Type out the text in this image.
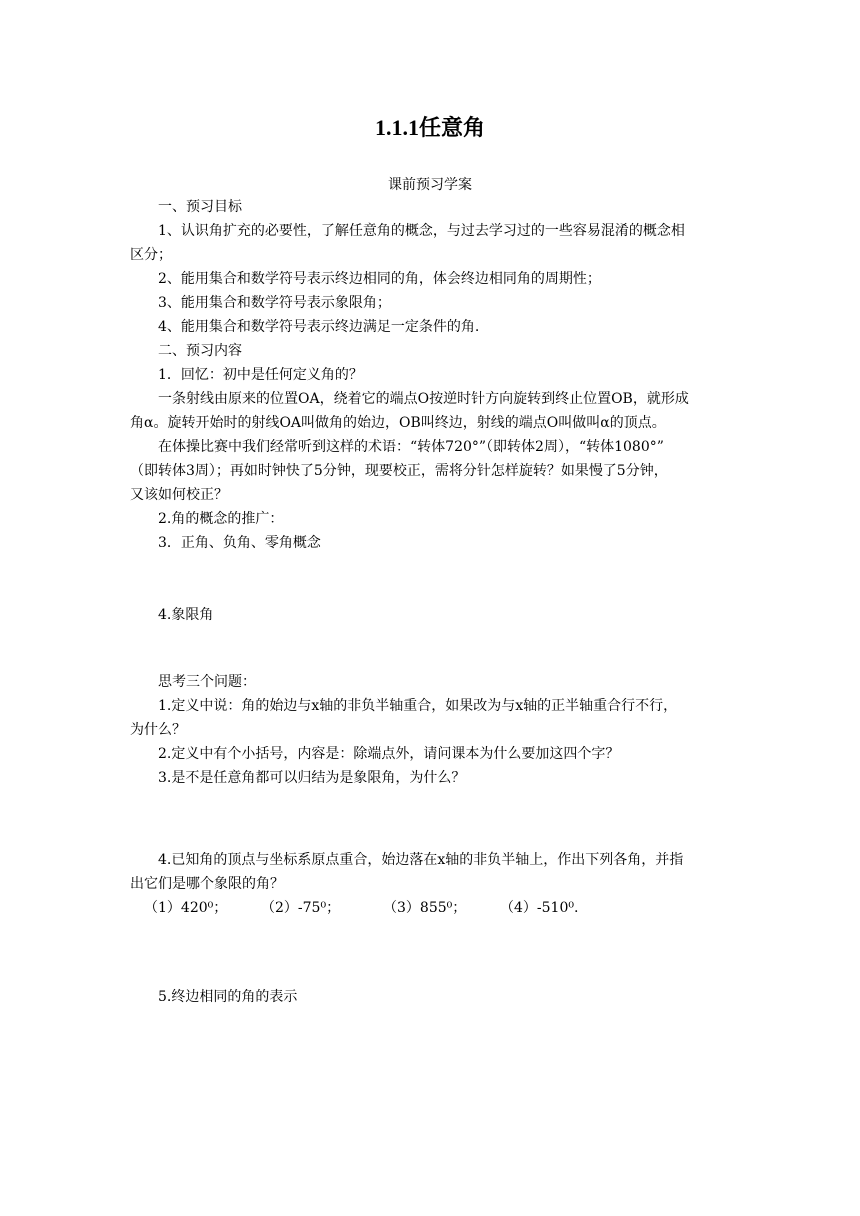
1.1.1任意角
课前预习学案
一、预习目标
1、认识角扩充的必要性，了解任意角的概念，与过去学习过的一些容易混淆的概念相
区分；
2、能用集合和数学符号表示终边相同的角，体会终边相同角的周期性；
3、能用集合和数学符号表示象限角；
4、能用集合和数学符号表示终边满足一定条件的角.
二、预习内容
1．回忆：初中是任何定义角的？
一条射线由原来的位置OA，绕着它的端点O按逆时针方向旋转到终止位置OB，就形成
角α。旋转开始时的射线OA叫做角的始边，OB叫终边，射线的端点O叫做叫α的顶点。
在体操比赛中我们经常听到这样的术语：“转体720°”（即转体2周），“转体1080°”
（即转体3周）；再如时钟快了5分钟，现要校正，需将分针怎样旋转？如果慢了5分钟，
又该如何校正？
2.角的概念的推广：
3．正角、负角、零角概念
4.象限角
思考三个问题：
1.定义中说：角的始边与x轴的非负半轴重合，如果改为与x轴的正半轴重合行不行，
为什么？
2.定义中有个小括号，内容是：除端点外，请问课本为什么要加这四个字？
3.是不是任意角都可以归结为是象限角，为什么？
4.已知角的顶点与坐标系原点重合，始边落在x轴的非负半轴上，作出下列各角，并指
出它们是哪个象限的角？
（1）420⁰；	（2）-75⁰；	（3）855⁰；	（4）-510⁰.
5.终边相同的角的表示
